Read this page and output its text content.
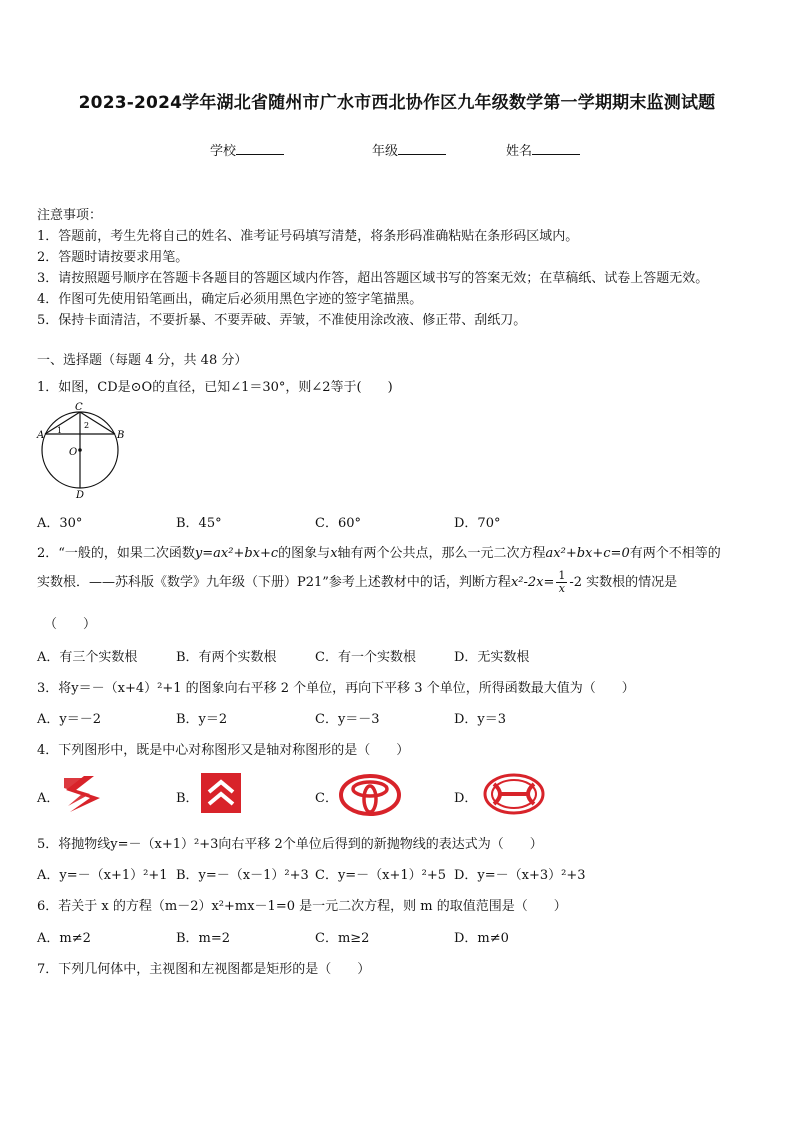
2023-2024学年湖北省随州市广水市西北协作区九年级数学第一学期期末监测试题
学校	年级	姓名
注意事项：
1．答题前，考生先将自己的姓名、准考证号码填写清楚，将条形码准确粘贴在条形码区域内。
2．答题时请按要求用笔。
3．请按照题号顺序在答题卡各题目的答题区域内作答，超出答题区域书写的答案无效；在草稿纸、试卷上答题无效。
4．作图可先使用铅笔画出，确定后必须用黑色字迹的签字笔描黑。
5．保持卡面清洁，不要折暴、不要弄破、弄皱，不准使用涂改液、修正带、刮纸刀。
一、选择题（每题 4 分，共 48 分）
1．如图，CD是⊙O的直径，已知∠1＝30°，则∠2等于(　　)
C
A	B
O
D
1
2
A．30°	B．45°	C．60°	D．70°
2．“一般的，如果二次函数y=ax²+bx+c的图象与x轴有两个公共点，那么一元二次方程ax²+bx+c=0有两个不相等的
实数根．——苏科版《数学》九年级（下册）P21”参考上述教材中的话，判断方程$x^2-2x= \frac{1}{x} -2$ 实数根的情况是
（　　）
A．有三个实数根	B．有两个实数根	C．有一个实数根	D．无实数根
3．将y＝－（x+4）²+1 的图象向右平移 2 个单位，再向下平移 3 个单位，所得函数最大值为（　　）
A．y＝－2	B．y＝2	C．y＝－3	D．y＝3
4．下列图形中，既是中心对称图形又是轴对称图形的是（　　）
A．	B．	C．	D．
5．将抛物线y=－（x+1）²+3向右平移 2个单位后得到的新抛物线的表达式为（　　）
A．y=－（x+1）²+1 B．y=－（x－1）²+3 C．y=－（x+1）²+5 D．y=－（x+3）²+3
6．若关于 x 的方程（m－2）x²+mx－1=0 是一元二次方程，则 m 的取值范围是（　　）
A．m≠2	B．m=2	C．m≥2	D．m≠0
7．下列几何体中，主视图和左视图都是矩形的是（　　）
